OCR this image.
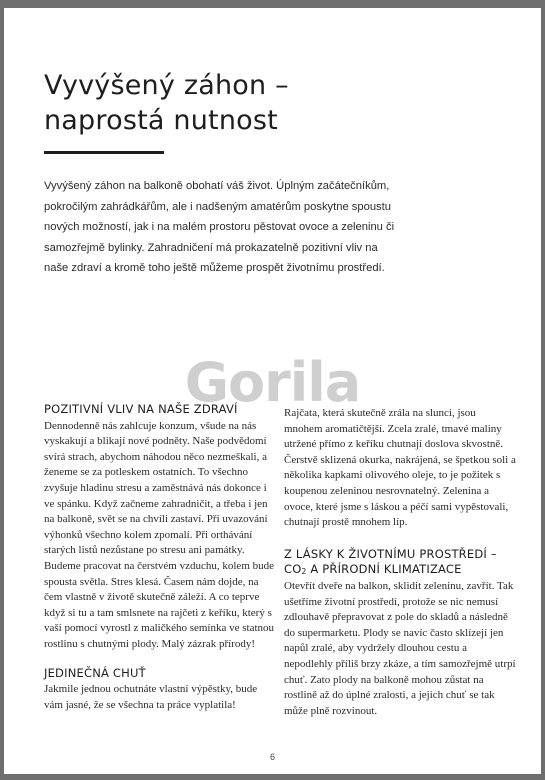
Vyvýšený záhon –
naprostá nutnost

Vyvýšený záhon na balkoně obohatí váš život. Úplným začátečníkům, pokročilým zahrádkářům, ale i nadšeným amatérům poskytne spoustu nových možností, jak i na malém prostoru pěstovat ovoce a zeleninu či samozřejmě bylinky. Zahradničení má prokazatelně pozitivní vliv na naše zdraví a kromě toho ještě můžeme prospět životnímu prostředí.

Gorila
POZITIVNÍ VLIV NA NAŠE ZDRAVÍ

Dennodenně nás zahlcuje konzum, všude na nás vyskakují a blikají nové podněty. Naše podvědomí svírá strach, abychom náhodou něco nezmeškali, a ženeme se za potleskem ostatních. To všechno zvyšuje hladinu stresu a zaměstnává nás dokonce i ve spánku. Když začneme zahradničit, a třeba i jen na balkoně, svět se na chvíli zastaví. Při uvazování výhonků všechno kolem zpomalí. Při orthávání starých listů nezůstane po stresu ani památky. Budeme pracovat na čerstvém vzduchu, kolem bude spousta světla. Stres klesá. Časem nám dojde, na čem vlastně v životě skutečně záleží. A co teprve když si tu a tam smlsnete na rajčeti z keříku, který s vaší pomocí vyrostl z maličkého semínka ve statnou rostlinu s chutnými plody. Malý zázrak přírody!

JEDINEČNÁ CHUŤ

Jakmile jednou ochutnáte vlastní výpěstky, bude vám jasné, že se všechna ta práce vyplatila!

Rajčata, která skutečně zrála na slunci, jsou mnohem aromatičtější. Zcela zralé, tmavé maliny utržené přímo z keříku chutnají doslova skvostně. Čerstvě sklizená okurka, nakrájená, se špetkou soli a několika kapkami olivového oleje, to je požitek s koupenou zeleninou nesrovnatelný. Zelenina a ovoce, které jsme s láskou a péčí sami vypěstovali, chutnají prostě mnohem líp.

Z LÁSKY K ŽIVOTNÍMU PROSTŘEDÍ – $CO_2$ A PŘÍRODNÍ KLIMATIZACE

Otevřít dveře na balkon, sklidit zeleninu, zavřít. Tak ušetříme životní prostředí, protože se nic nemusí zdlouhavě přepravovat z pole do skladů a následně do supermarketu. Plody se navíc často sklízejí jen napůl zralé, aby vydržely dlouhou cestu a nepodlehly příliš brzy zkáze, a tím samozřejmě utrpí chuť. Zato plody na balkoně mohou zůstat na rostlině až do úplné zralosti, a jejich chuť se tak může plně rozvinout.

6
